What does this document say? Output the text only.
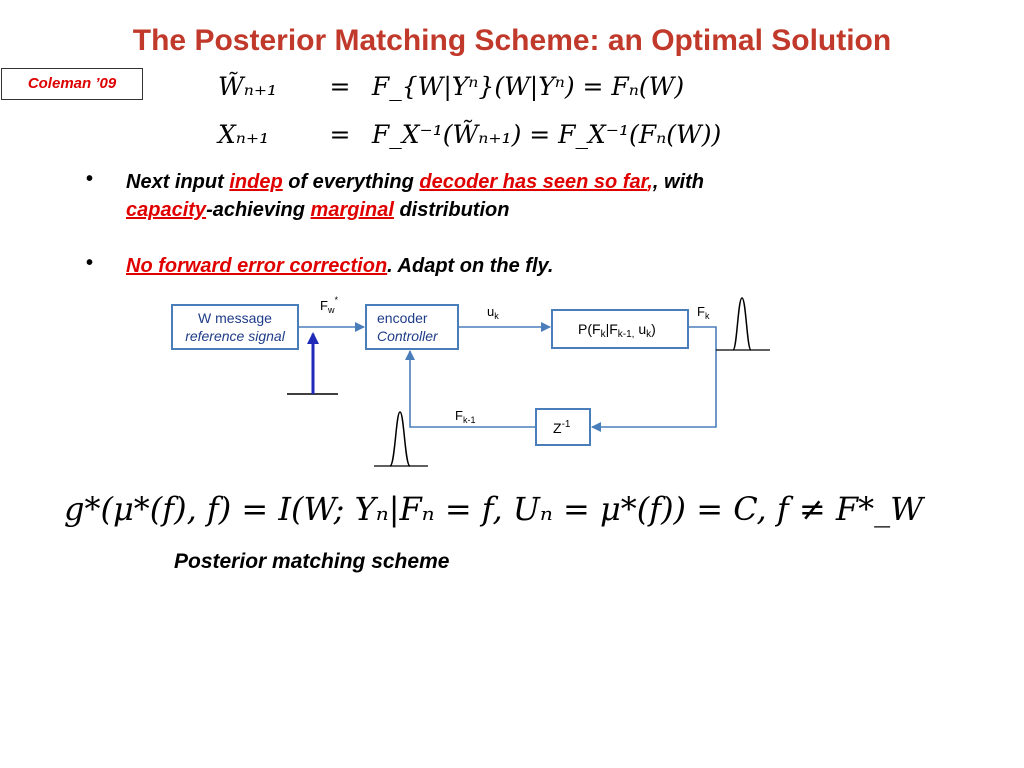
The Posterior Matching Scheme: an Optimal Solution
Coleman ’09	W̃ₙ₊₁ = F_{W|Yⁿ}(W|Yⁿ) = Fₙ(W)
Xₙ₊₁ = F_X⁻¹(W̃ₙ₊₁) = F_X⁻¹(Fₙ(W))
• Next input indep of everything decoder has seen so far,, with
capacity-achieving marginal distribution
• No forward error correction. Adapt on the fly.
W message
reference signal
encoder
Controller	$P(F_k|F_{k-1,}$ $u_k$)
$Z^{-1}$
$F_w^*$
$u_k$	$F_k$
$F_{k-1}$
g*(μ*(f), f) = I(W; Yₙ|Fₙ = f, Uₙ = μ*(f)) = C, f ≠ F*_W
Posterior matching scheme
